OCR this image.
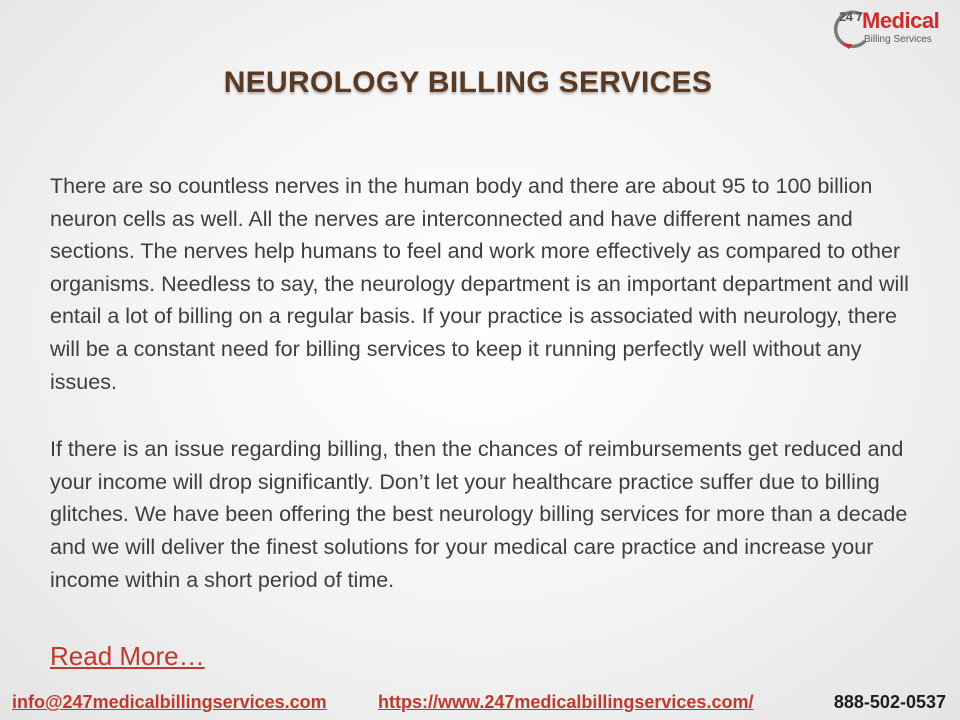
24 7 Medical
Billing Services
NEUROLOGY BILLING SERVICES

There are so countless nerves in the human body and there are about 95 to 100 billion neuron cells as well. All the nerves are interconnected and have different names and sections. The nerves help humans to feel and work more effectively as compared to other organisms. Needless to say, the neurology department is an important department and will entail a lot of billing on a regular basis. If your practice is associated with neurology, there will be a constant need for billing services to keep it running perfectly well without any issues.

If there is an issue regarding billing, then the chances of reimbursements get reduced and your income will drop significantly. Don’t let your healthcare practice suffer due to billing glitches. We have been offering the best neurology billing services for more than a decade and we will deliver the finest solutions for your medical care practice and increase your income within a short period of time.

Read More…
info@247medicalbillingservices.com	https://www.247medicalbillingservices.com/	888-502-0537
